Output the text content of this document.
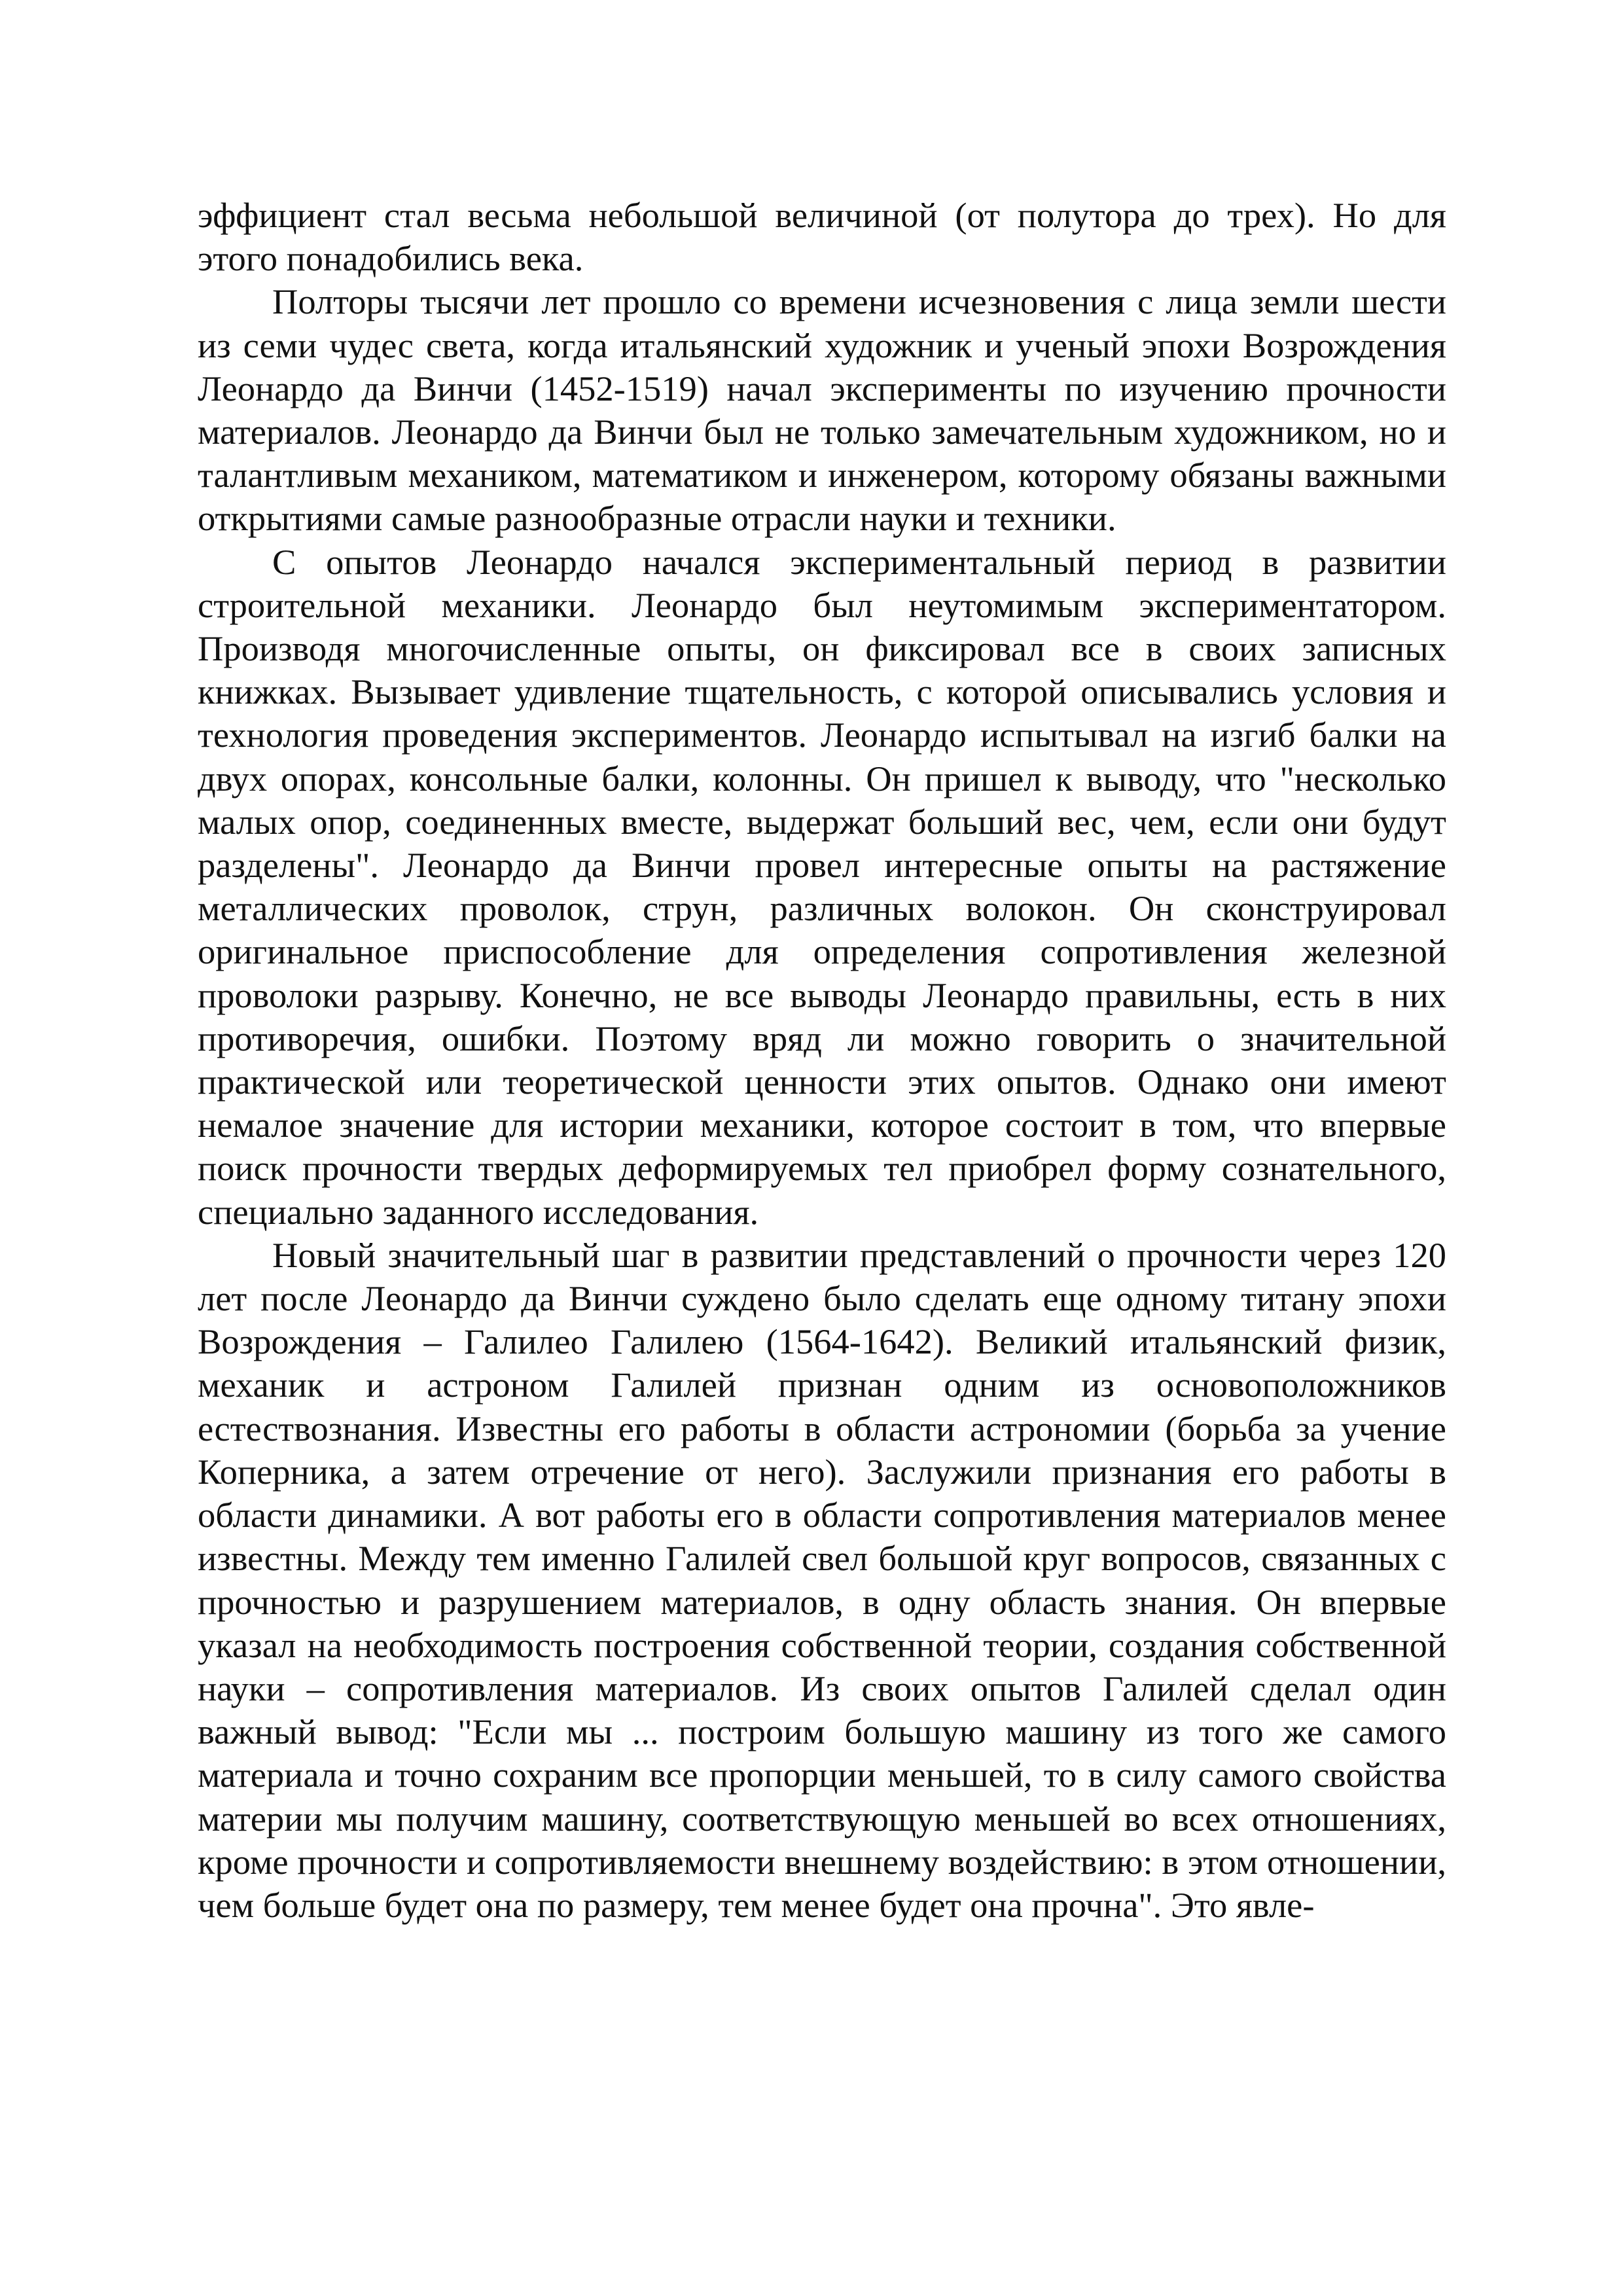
эффициент стал весьма небольшой величиной (от полутора до трех). Но для этого понадобились века.

Полторы тысячи лет прошло со времени исчезновения с лица земли шести из семи чудес света, когда итальянский художник и ученый эпохи Возрождения Леонардо да Винчи (1452-1519) начал эксперименты по изучению прочности материалов. Леонардо да Винчи был не только замечательным художником, но и талантливым механиком, математиком и инженером, которому обязаны важными открытиями самые разнообразные отрасли науки и техники.

С опытов Леонардо начался экспериментальный период в развитии строительной механики. Леонардо был неутомимым экспериментатором. Производя многочисленные опыты, он фиксировал все в своих записных книжках. Вызывает удивление тщательность, с которой описывались условия и технология проведения экспериментов. Леонардо испытывал на изгиб балки на двух опорах, консольные балки, колонны. Он пришел к выводу, что "несколько малых опор, соединенных вместе, выдержат больший вес, чем, если они будут разделены". Леонардо да Винчи провел интересные опыты на растяжение металлических проволок, струн, различных волокон. Он сконструировал оригинальное приспособление для определения сопротивления железной проволоки разрыву. Конечно, не все выводы Леонардо правильны, есть в них противоречия, ошибки. Поэтому вряд ли можно говорить о значительной практической или теоретической ценности этих опытов. Однако они имеют немалое значение для истории механики, которое состоит в том, что впервые поиск прочности твердых деформируемых тел приобрел форму сознательного, специально заданного исследования.

Новый значительный шаг в развитии представлений о прочности через 120 лет после Леонардо да Винчи суждено было сделать еще одному титану эпохи Возрождения – Галилео Галилею (1564-1642). Великий итальянский физик, механик и астроном Галилей признан одним из основоположников естествознания. Известны его работы в области астрономии (борьба за учение Коперника, а затем отречение от него). Заслужили признания его работы в области динамики. А вот работы его в области сопротивления материалов менее известны. Между тем именно Галилей свел большой круг вопросов, связанных с прочностью и разрушением материалов, в одну область знания. Он впервые указал на необходимость построения собственной теории, создания собственной науки – сопротивления материалов. Из своих опытов Галилей сделал один важный вывод: "Если мы ... построим большую машину из того же самого материала и точно сохраним все пропорции меньшей, то в силу самого свойства материи мы получим машину, соответствующую меньшей во всех отношениях, кроме прочности и сопротивляемости внешнему воздействию: в этом отношении, чем больше будет она по размеру, тем менее будет она прочна". Это явле-
